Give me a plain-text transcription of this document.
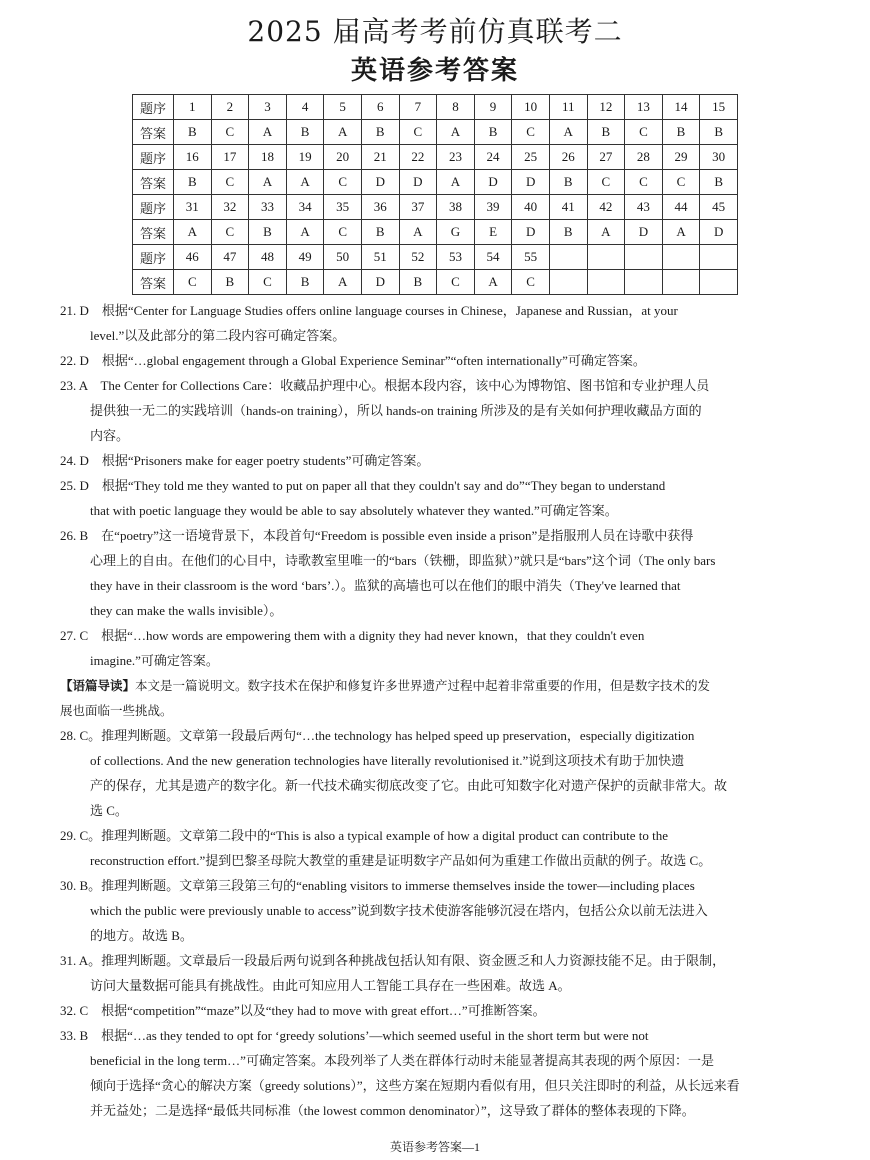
2025 届高考考前仿真联考二
英语参考答案
题序	1	2	3	4	5	6	7	8	9	10	11	12	13	14	15
答案	B	C	A	B	A	B	C	A	B	C	A	B	C	B	B
题序	16	17	18	19	20	21	22	23	24	25	26	27	28	29	30
答案	B	C	A	A	C	D	D	A	D	D	B	C	C	C	B
题序	31	32	33	34	35	36	37	38	39	40	41	42	43	44	45
答案	A	C	B	A	C	B	A	G	E	D	B	A	D	A	D
题序	46	47	48	49	50	51	52	53	54	55					
答案	C	B	C	B	A	D	B	C	A	C					

21. D　根据“Center for Language Studies offers online language courses in Chinese，Japanese and Russian，at your
level.”以及此部分的第二段内容可确定答案。

22. D　根据“…global engagement through a Global Experience Seminar”“often internationally”可确定答案。

23. A　The Center for Collections Care：收藏品护理中心。根据本段内容，该中心为博物馆、图书馆和专业护理人员
提供独一无二的实践培训（hands-on training），所以 hands-on training 所涉及的是有关如何护理收藏品方面的
内容。

24. D　根据“Prisoners make for eager poetry students”可确定答案。

25. D　根据“They told me they wanted to put on paper all that they couldn't say and do”“They began to understand
that with poetic language they would be able to say absolutely whatever they wanted.”可确定答案。

26. B　在“poetry”这一语境背景下，本段首句“Freedom is possible even inside a prison”是指服刑人员在诗歌中获得
心理上的自由。在他们的心目中，诗歌教室里唯一的“bars（铁栅，即监狱）”就只是“bars”这个词（The only bars
they have in their classroom is the word ‘bars’.）。监狱的高墙也可以在他们的眼中消失（They've learned that
they can make the walls invisible）。

27. C　根据“…how words are empowering them with a dignity they had never known，that they couldn't even
imagine.”可确定答案。

【语篇导读】本文是一篇说明文。数字技术在保护和修复许多世界遗产过程中起着非常重要的作用，但是数字技术的发
展也面临一些挑战。

28. C。推理判断题。文章第一段最后两句“…the technology has helped speed up preservation，especially digitization
of collections. And the new generation technologies have literally revolutionised it.”说到这项技术有助于加快遗
产的保存，尤其是遗产的数字化。新一代技术确实彻底改变了它。由此可知数字化对遗产保护的贡献非常大。故
选 C。

29. C。推理判断题。文章第二段中的“This is also a typical example of how a digital product can contribute to the
reconstruction effort.”提到巴黎圣母院大教堂的重建是证明数字产品如何为重建工作做出贡献的例子。故选 C。

30. B。推理判断题。文章第三段第三句的“enabling visitors to immerse themselves inside the tower—including places
which the public were previously unable to access”说到数字技术使游客能够沉浸在塔内，包括公众以前无法进入
的地方。故选 B。

31. A。推理判断题。文章最后一段最后两句说到各种挑战包括认知有限、资金匮乏和人力资源技能不足。由于限制，
访问大量数据可能具有挑战性。由此可知应用人工智能工具存在一些困难。故选 A。

32. C　根据“competition”“maze”以及“they had to move with great effort…”可推断答案。

33. B　根据“…as they tended to opt for ‘greedy solutions’—which seemed useful in the short term but were not
beneficial in the long term…”可确定答案。本段列举了人类在群体行动时未能显著提高其表现的两个原因：一是
倾向于选择“贪心的解决方案（greedy solutions）”，这些方案在短期内看似有用，但只关注即时的利益，从长远来看
并无益处；二是选择“最低共同标准（the lowest common denominator）”，这导致了群体的整体表现的下降。

英语参考答案—1
